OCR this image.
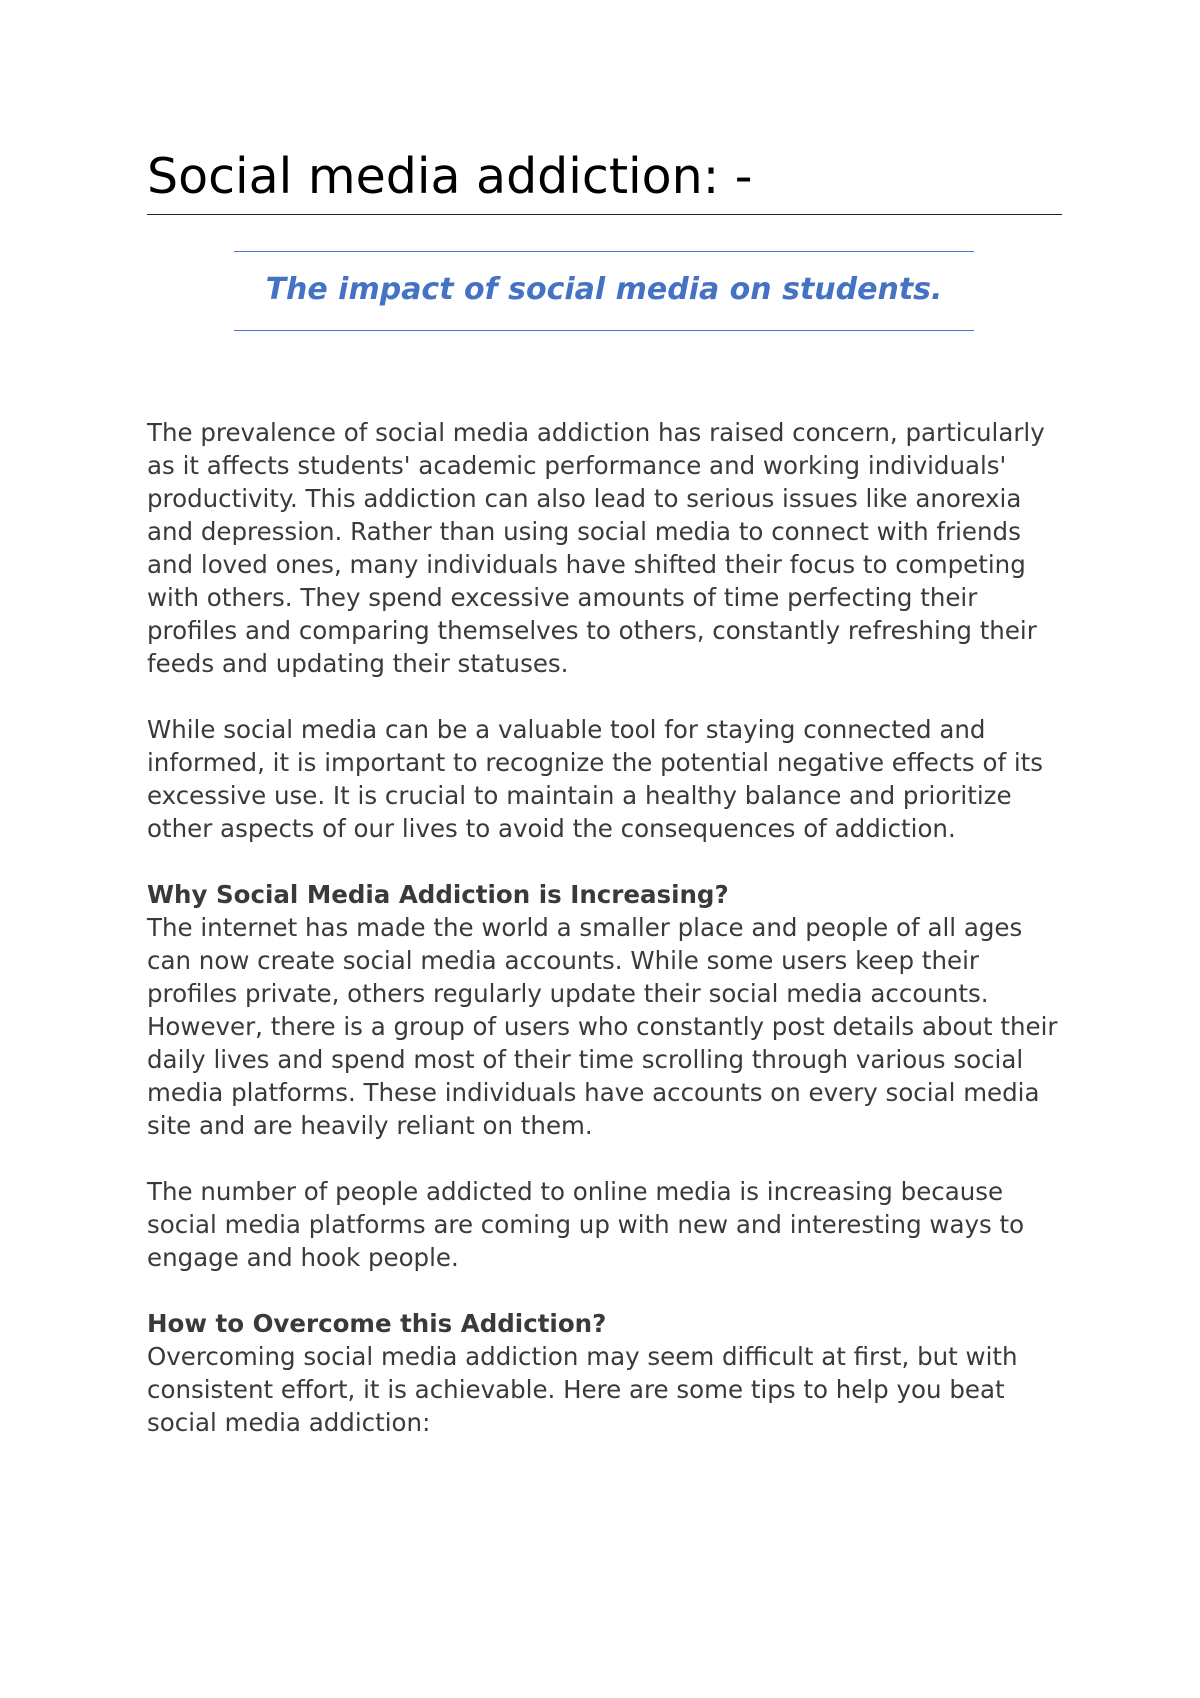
Social media addiction: -
The impact of social media on students.

The prevalence of social media addiction has raised concern, particularly as it affects students' academic performance and working individuals' productivity. This addiction can also lead to serious issues like anorexia and depression. Rather than using social media to connect with friends and loved ones, many individuals have shifted their focus to competing with others. They spend excessive amounts of time perfecting their profiles and comparing themselves to others, constantly refreshing their feeds and updating their statuses.

While social media can be a valuable tool for staying connected and informed, it is important to recognize the potential negative effects of its excessive use. It is crucial to maintain a healthy balance and prioritize other aspects of our lives to avoid the consequences of addiction.

Why Social Media Addiction is Increasing?

The internet has made the world a smaller place and people of all ages can now create social media accounts. While some users keep their profiles private, others regularly update their social media accounts. However, there is a group of users who constantly post details about their daily lives and spend most of their time scrolling through various social media platforms. These individuals have accounts on every social media site and are heavily reliant on them.

The number of people addicted to online media is increasing because social media platforms are coming up with new and interesting ways to engage and hook people.

How to Overcome this Addiction?

Overcoming social media addiction may seem difficult at first, but with consistent effort, it is achievable. Here are some tips to help you beat social media addiction:
